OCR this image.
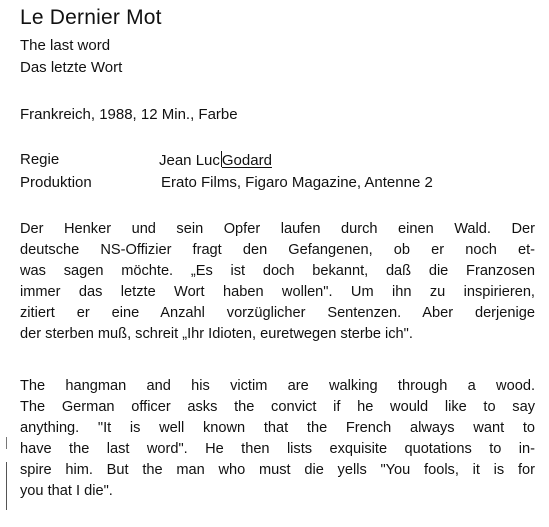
Le Dernier Mot

The last word

Das letzte Wort

Frankreich, 1988, 12 Min., Farbe

Regie	Jean Luc Godard
Produktion	Erato Films, Figaro Magazine, Antenne 2
Der Henker und sein Opfer laufen durch einen Wald. Der
deutsche NS-Offizier fragt den Gefangenen, ob er noch et-
was sagen möchte. „Es ist doch bekannt, daß die Franzosen
immer das letzte Wort haben wollen". Um ihn zu inspirieren,
zitiert er eine Anzahl vorzüglicher Sentenzen. Aber derjenige
der sterben muß, schreit „Ihr Idioten, euretwegen sterbe ich".
The hangman and his victim are walking through a wood.
The German officer asks the convict if he would like to say
anything. "It is well known that the French always want to
have the last word". He then lists exquisite quotations to in-
spire him. But the man who must die yells "You fools, it is for
you that I die".
